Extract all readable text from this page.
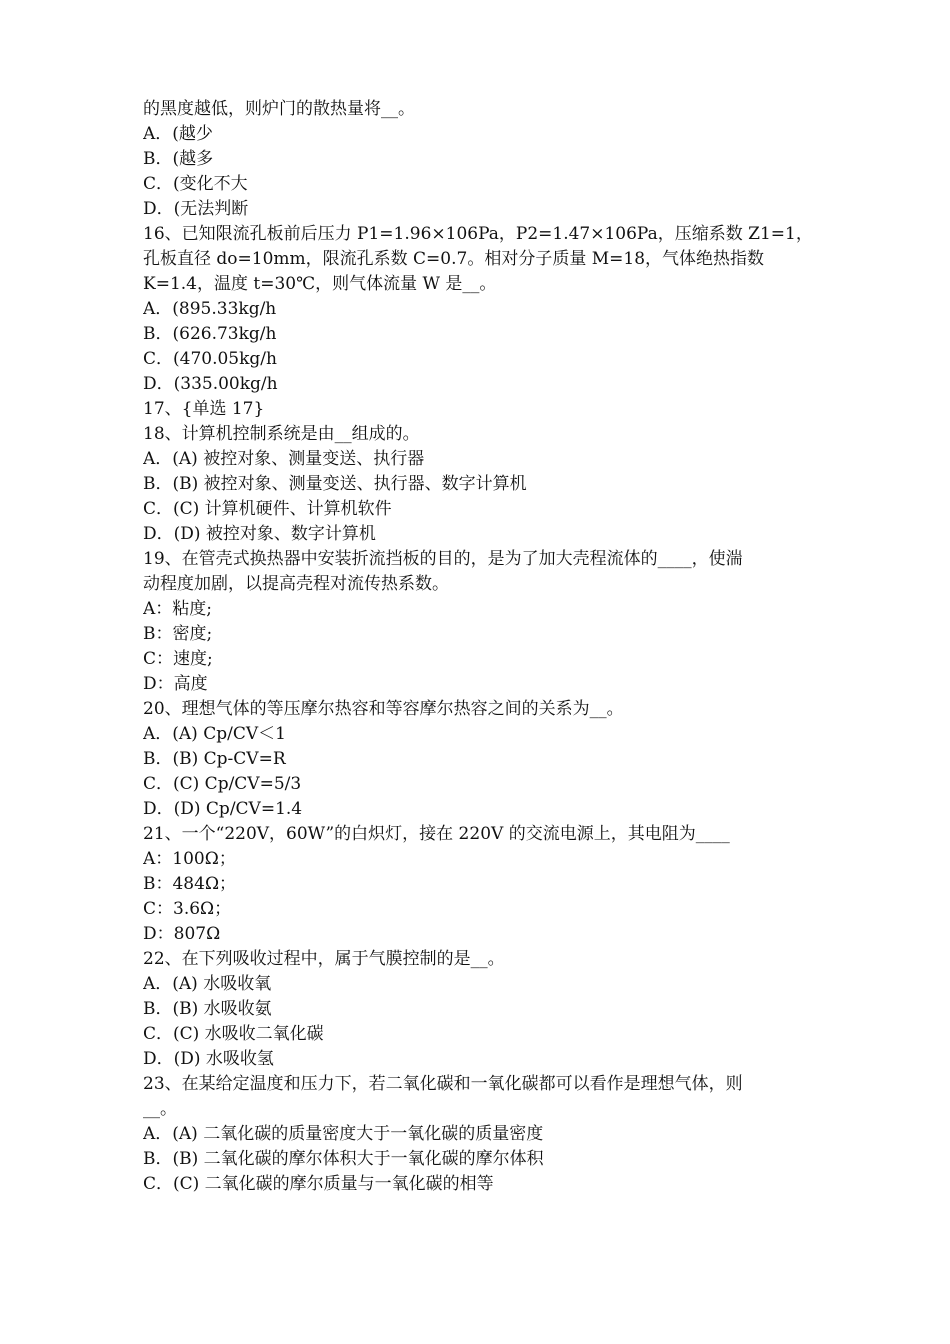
的黑度越低，则炉门的散热量将__。
A．(越少
B．(越多
C．(变化不大
D．(无法判断
16、已知限流孔板前后压力 P1=1.96×106Pa，P2=1.47×106Pa，压缩系数 Z1=1，
孔板直径 do=10mm，限流孔系数 C=0.7。相对分子质量 M=18，气体绝热指数
K=1.4，温度 t=30℃，则气体流量 W 是__。
A．(895.33kg/h
B．(626.73kg/h
C．(470.05kg/h
D．(335.00kg/h
17、{单选 17}
18、计算机控制系统是由__组成的。
A．(A) 被控对象、测量变送、执行器
B．(B) 被控对象、测量变送、执行器、数字计算机
C．(C) 计算机硬件、计算机软件
D．(D) 被控对象、数字计算机
19、在管壳式换热器中安装折流挡板的目的，是为了加大壳程流体的____，使湍
动程度加剧，以提高壳程对流传热系数。
A：粘度;
B：密度;
C：速度;
D：高度
20、理想气体的等压摩尔热容和等容摩尔热容之间的关系为__。
A．(A) Cp/CV＜1
B．(B) Cp-CV=R
C．(C) Cp/CV=5/3
D．(D) Cp/CV=1.4
21、一个“220V，60W”的白炽灯，接在 220V 的交流电源上，其电阻为____
A：100Ω；
B：484Ω；
C：3.6Ω；
D：807Ω
22、在下列吸收过程中，属于气膜控制的是__。
A．(A) 水吸收氧
B．(B) 水吸收氨
C．(C) 水吸收二氧化碳
D．(D) 水吸收氢
23、在某给定温度和压力下，若二氧化碳和一氧化碳都可以看作是理想气体，则
__。
A．(A) 二氧化碳的质量密度大于一氧化碳的质量密度
B．(B) 二氧化碳的摩尔体积大于一氧化碳的摩尔体积
C．(C) 二氧化碳的摩尔质量与一氧化碳的相等
